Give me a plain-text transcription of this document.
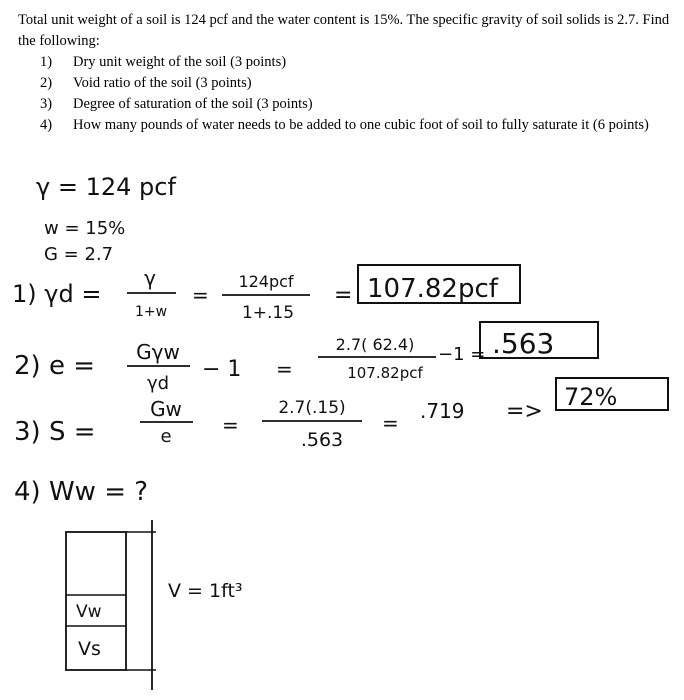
Total unit weight of a soil is 124 pcf and the water content is 15%. The specific gravity of soil solids is 2.7. Find the following:

1) Dry unit weight of the soil (3 points)
2) Void ratio of the soil (3 points)
3) Degree of saturation of the soil (3 points)
4) How many pounds of water needs to be added to one cubic foot of soil to fully saturate it (6 points)
γ = 124 pcf
w = 15%
G = 2.7
1) γd =
γ
1+w
=
124pcf
1+.15
= 107.82pcf
2) e = Gγw
γd
− 1 =
2.7( 62.4)
107.82pcf
−1 = .563
3) S =
Gw
e	=
2.7(.15)
.563
= .719 =>
72%
4) Ww = ?
Vw
Vs
V = 1ft³
